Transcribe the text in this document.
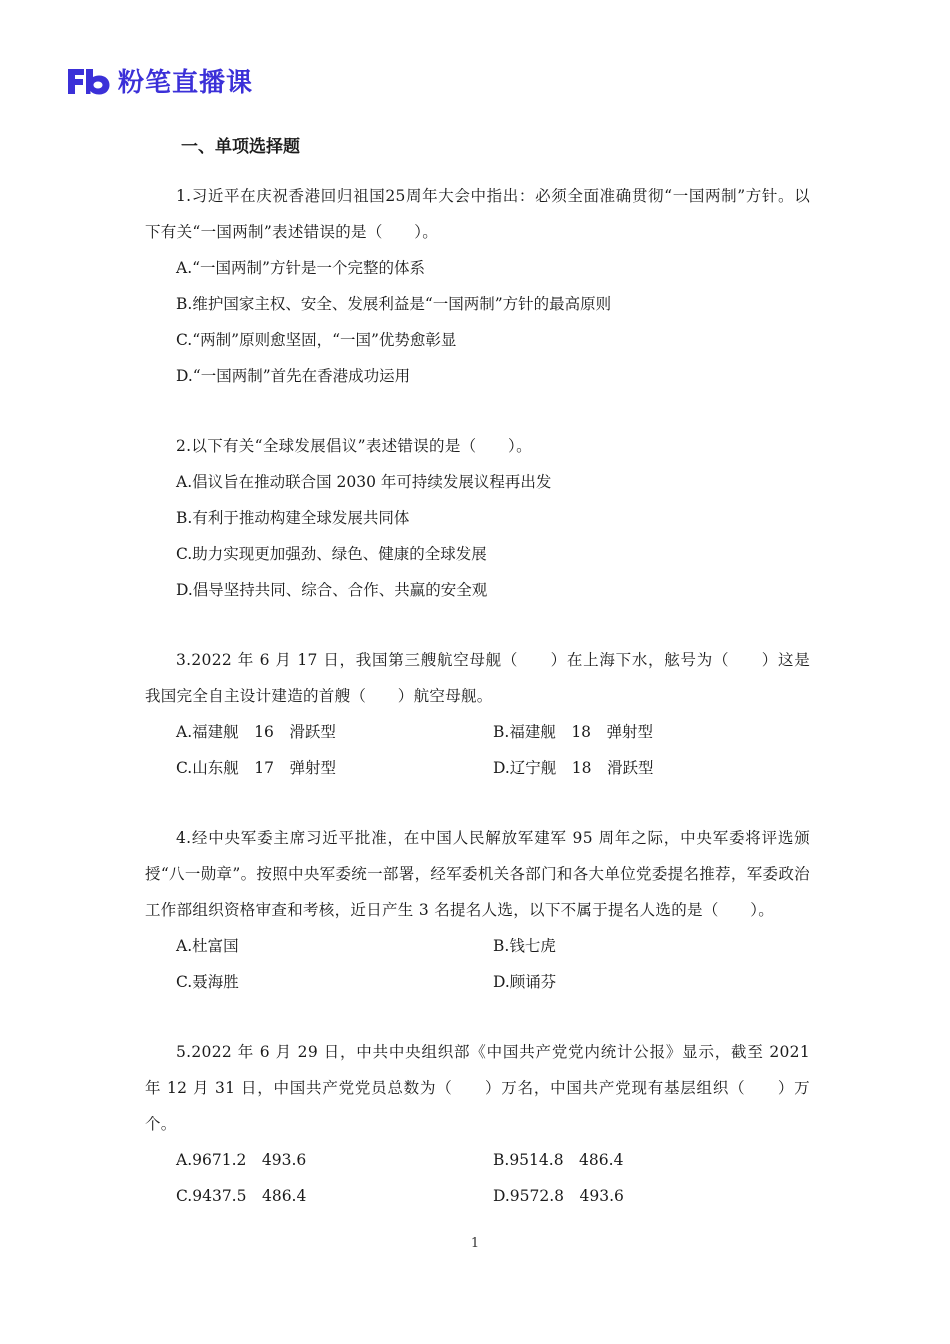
粉笔直播课
一、单项选择题
1.习近平在庆祝香港回归祖国25周年大会中指出：必须全面准确贯彻“一国两制”方针。以下有关“一国两制”表述错误的是（　　）。
A.“一国两制”方针是一个完整的体系
B.维护国家主权、安全、发展利益是“一国两制”方针的最高原则
C.“两制”原则愈坚固，“一国”优势愈彰显
D.“一国两制”首先在香港成功运用
2.以下有关“全球发展倡议”表述错误的是（　　）。
A.倡议旨在推动联合国 2030 年可持续发展议程再出发
B.有利于推动构建全球发展共同体
C.助力实现更加强劲、绿色、健康的全球发展
D.倡导坚持共同、综合、合作、共赢的安全观
3.2022 年 6 月 17 日，我国第三艘航空母舰（　　）在上海下水，舷号为（　　）这是我国完全自主设计建造的首艘（　　）航空母舰。
A.福建舰　16　滑跃型	B.福建舰　18　弹射型
C.山东舰　17　弹射型	D.辽宁舰　18　滑跃型
4.经中央军委主席习近平批准，在中国人民解放军建军 95 周年之际，中央军委将评选颁授“八一勋章”。按照中央军委统一部署，经军委机关各部门和各大单位党委提名推荐，军委政治工作部组织资格审查和考核，近日产生 3 名提名人选，以下不属于提名人选的是（　　）。
A.杜富国	B.钱七虎
C.聂海胜	D.顾诵芬
5.2022 年 6 月 29 日，中共中央组织部《中国共产党党内统计公报》显示，截至 2021 年 12 月 31 日，中国共产党党员总数为（　　）万名，中国共产党现有基层组织（　　）万个。
A.9671.2　493.6	B.9514.8　486.4
C.9437.5　486.4	D.9572.8　493.6
1
